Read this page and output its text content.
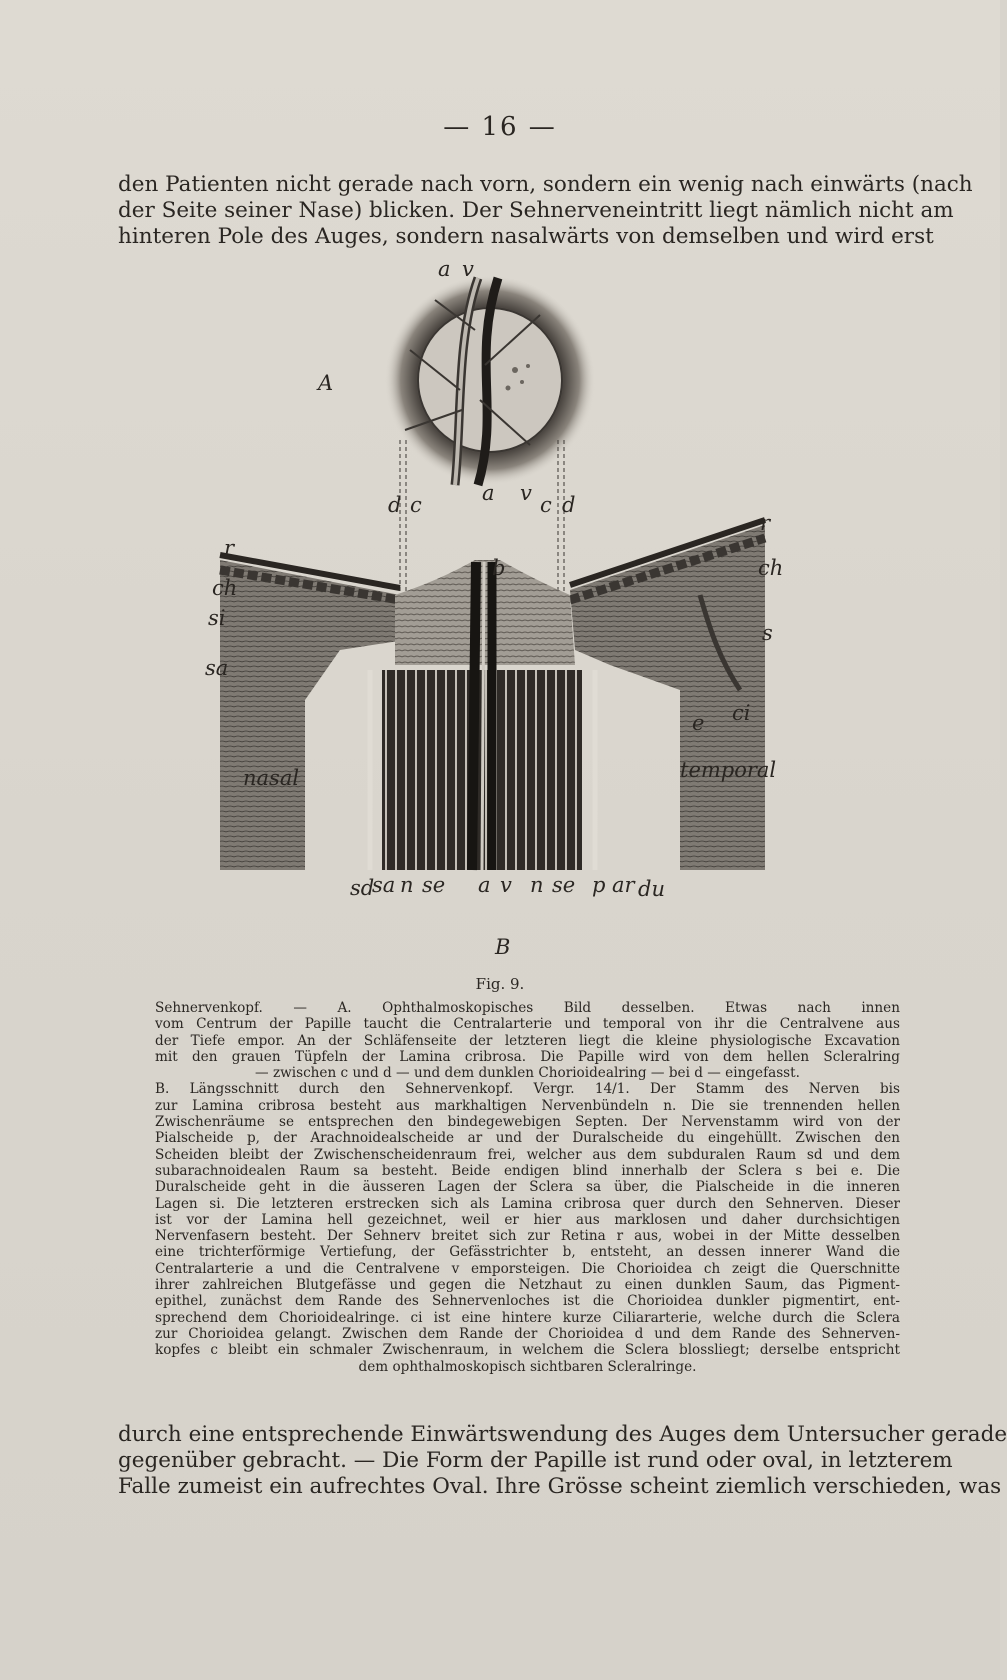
— 16 —
den Patienten nicht gerade nach vorn, sondern ein wenig nach einwärts (nach
der Seite seiner Nase) blicken. Der Sehnerveneintritt liegt nämlich nicht am
hinteren Pole des Auges, sondern nasalwärts von demselben und wird erst
A
a v
d c	a v c d
r
ch
si
sa
b
r
ch
s
e ci
nasal	temporal
sd
sa n se a v n se p ar du
B
Fig. 9.
Sehnervenkopf. — A. Ophthalmoskopisches Bild desselben. Etwas nach innen
vom Centrum der Papille taucht die Centralarterie und temporal von ihr die Centralvene aus
der Tiefe empor. An der Schläfenseite der letzteren liegt die kleine physiologische Excavation
mit den grauen Tüpfeln der Lamina cribrosa. Die Papille wird von dem hellen Scleralring
— zwischen c und d — und dem dunklen Chorioidealring — bei d — eingefasst.
B. Längsschnitt durch den Sehnervenkopf. Vergr. 14/1. Der Stamm des Nerven bis
zur Lamina cribrosa besteht aus markhaltigen Nervenbündeln n. Die sie trennenden hellen
Zwischenräume se entsprechen den bindegewebigen Septen. Der Nervenstamm wird von der
Pialscheide p, der Arachnoidealscheide ar und der Duralscheide du eingehüllt. Zwischen den
Scheiden bleibt der Zwischenscheidenraum frei, welcher aus dem subduralen Raum sd und dem
subarachnoidealen Raum sa besteht. Beide endigen blind innerhalb der Sclera s bei e. Die
Duralscheide geht in die äusseren Lagen der Sclera sa über, die Pialscheide in die inneren
Lagen si. Die letzteren erstrecken sich als Lamina cribrosa quer durch den Sehnerven. Dieser
ist vor der Lamina hell gezeichnet, weil er hier aus marklosen und daher durchsichtigen
Nervenfasern besteht. Der Sehnerv breitet sich zur Retina r aus, wobei in der Mitte desselben
eine trichterförmige Vertiefung, der Gefässtrichter b, entsteht, an dessen innerer Wand die
Centralarterie a und die Centralvene v emporsteigen. Die Chorioidea ch zeigt die Querschnitte
ihrer zahlreichen Blutgefässe und gegen die Netzhaut zu einen dunklen Saum, das Pigment-
epithel, zunächst dem Rande des Sehnervenloches ist die Chorioidea dunkler pigmentirt, ent-
sprechend dem Chorioidealringe. ci ist eine hintere kurze Ciliararterie, welche durch die Sclera
zur Chorioidea gelangt. Zwischen dem Rande der Chorioidea d und dem Rande des Sehnerven-
kopfes c bleibt ein schmaler Zwischenraum, in welchem die Sclera blossliegt; derselbe entspricht
dem ophthalmoskopisch sichtbaren Scleralringe.
durch eine entsprechende Einwärtswendung des Auges dem Untersucher gerade
gegenüber gebracht. — Die Form der Papille ist rund oder oval, in letzterem
Falle zumeist ein aufrechtes Oval. Ihre Grösse scheint ziemlich verschieden, was
